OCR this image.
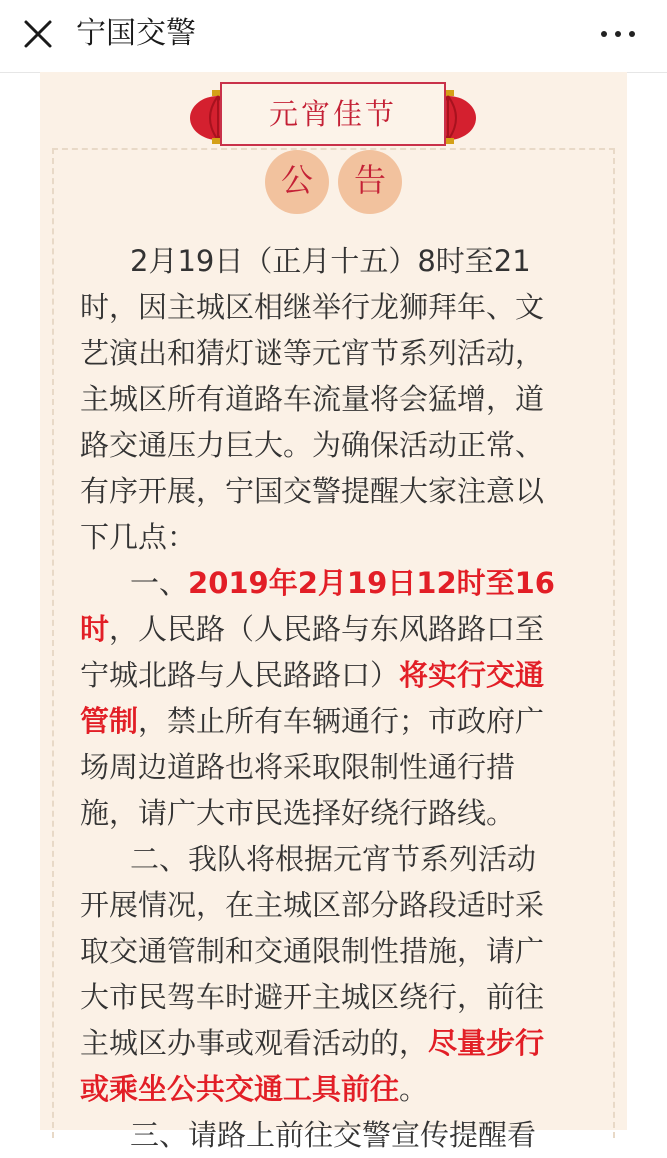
宁国交警
元宵佳节
公	告
2月19日（正月十五）8时至21
时，因主城区相继举行龙狮拜年、文
艺演出和猜灯谜等元宵节系列活动，
主城区所有道路车流量将会猛增，道
路交通压力巨大。为确保活动正常、
有序开展，宁国交警提醒大家注意以
下几点：
一、2019年2月19日12时至16
时，人民路（人民路与东风路路口至
宁城北路与人民路路口）将实行交通
管制，禁止所有车辆通行；市政府广
场周边道路也将采取限制性通行措
施，请广大市民选择好绕行路线。
二、我队将根据元宵节系列活动
开展情况，在主城区部分路段适时采
取交通管制和交通限制性措施，请广
大市民驾车时避开主城区绕行，前往
主城区办事或观看活动的，尽量步行
或乘坐公共交通工具前往。
三、请路上前往交警宣传提醒看
